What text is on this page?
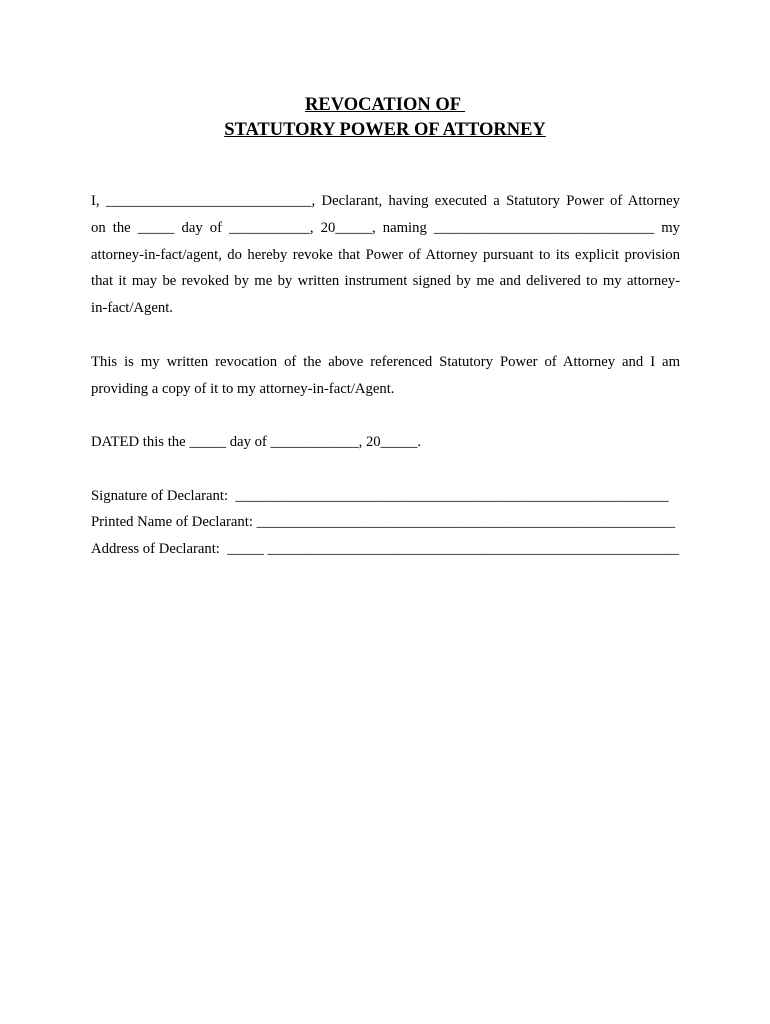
REVOCATION OF
STATUTORY POWER OF ATTORNEY
I, ____________________________, Declarant, having executed a Statutory Power of Attorney
on the _____ day of ___________, 20_____, naming ______________________________ my
attorney-in-fact/agent, do hereby revoke that Power of Attorney pursuant to its explicit provision
that it may be revoked by me by written instrument signed by me and delivered to my attorney-
in-fact/Agent.
This is my written revocation of the above referenced Statutory Power of Attorney and I am
providing a copy of it to my attorney-in-fact/Agent.
DATED this the _____ day of ____________, 20_____.
Signature of Declarant:  ___________________________________________________________
Printed Name of Declarant: _________________________________________________________
Address of Declarant:  _____ ________________________________________________________
